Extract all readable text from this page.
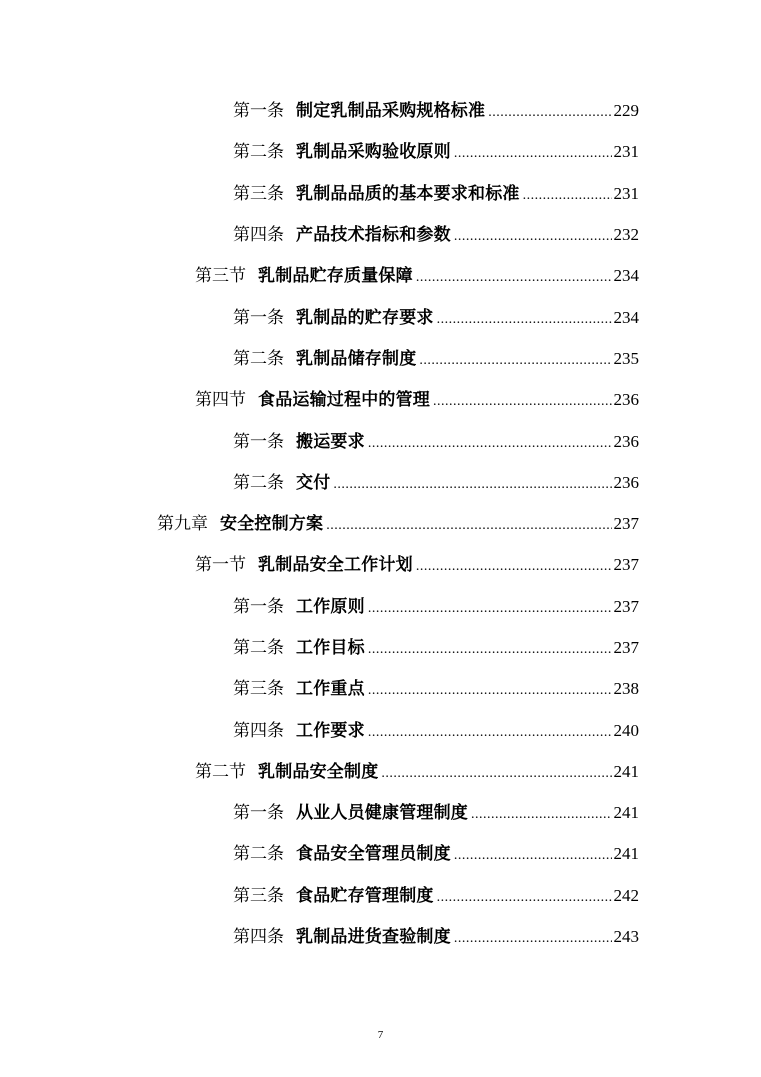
第一条 制定乳制品采购规格标准 .....	229
第二条 乳制品采购验收原则 .....	231
第三条 乳制品品质的基本要求和标准 .....	231
第四条 产品技术指标和参数 .....	232
第三节 乳制品贮存质量保障 .....	234
第一条 乳制品的贮存要求 .....	234
第二条 乳制品储存制度 .....	235
第四节 食品运输过程中的管理 .....	236
第一条 搬运要求 .....	236
第二条 交付 .....	236
第九章 安全控制方案 .....	237
第一节 乳制品安全工作计划 .....	237
第一条 工作原则 .....	237
第二条 工作目标 .....	237
第三条 工作重点 .....	238
第四条 工作要求 .....	240
第二节 乳制品安全制度 .....	241
第一条 从业人员健康管理制度 .....	241
第二条 食品安全管理员制度 .....	241
第三条 食品贮存管理制度 .....	242
第四条 乳制品进货查验制度 .....	243
7
